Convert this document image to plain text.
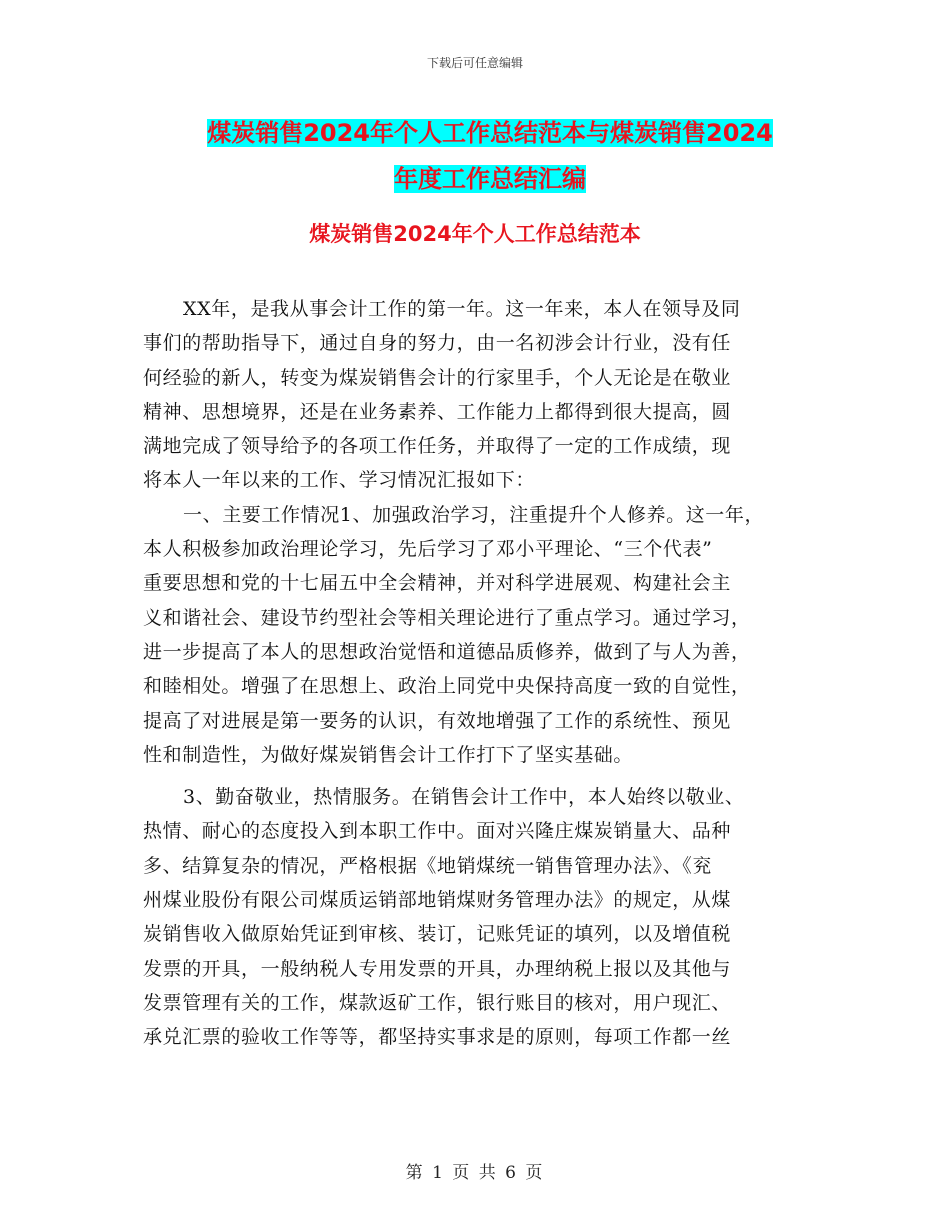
下载后可任意编辑
煤炭销售2024年个人工作总结范本与煤炭销售2024
年度工作总结汇编
煤炭销售2024年个人工作总结范本
XX年，是我从事会计工作的第一年。这一年来，本人在领导及同
事们的帮助指导下，通过自身的努力，由一名初涉会计行业，没有任
何经验的新人，转变为煤炭销售会计的行家里手，个人无论是在敬业
精神、思想境界，还是在业务素养、工作能力上都得到很大提高，圆
满地完成了领导给予的各项工作任务，并取得了一定的工作成绩，现
将本人一年以来的工作、学习情况汇报如下：
一、主要工作情况1、加强政治学习，注重提升个人修养。这一年，
本人积极参加政治理论学习，先后学习了邓小平理论、“三个代表”
重要思想和党的十七届五中全会精神，并对科学进展观、构建社会主
义和谐社会、建设节约型社会等相关理论进行了重点学习。通过学习，
进一步提高了本人的思想政治觉悟和道德品质修养，做到了与人为善，
和睦相处。增强了在思想上、政治上同党中央保持高度一致的自觉性，
提高了对进展是第一要务的认识，有效地增强了工作的系统性、预见
性和制造性，为做好煤炭销售会计工作打下了坚实基础。
3、勤奋敬业，热情服务。在销售会计工作中，本人始终以敬业、
热情、耐心的态度投入到本职工作中。面对兴隆庄煤炭销量大、品种
多、结算复杂的情况，严格根据《地销煤统一销售管理办法》、《兖
州煤业股份有限公司煤质运销部地销煤财务管理办法》的规定，从煤
炭销售收入做原始凭证到审核、装订，记账凭证的填列，以及增值税
发票的开具，一般纳税人专用发票的开具，办理纳税上报以及其他与
发票管理有关的工作，煤款返矿工作，银行账目的核对，用户现汇、
承兑汇票的验收工作等等，都坚持实事求是的原则，每项工作都一丝
第 1 页 共 6 页
